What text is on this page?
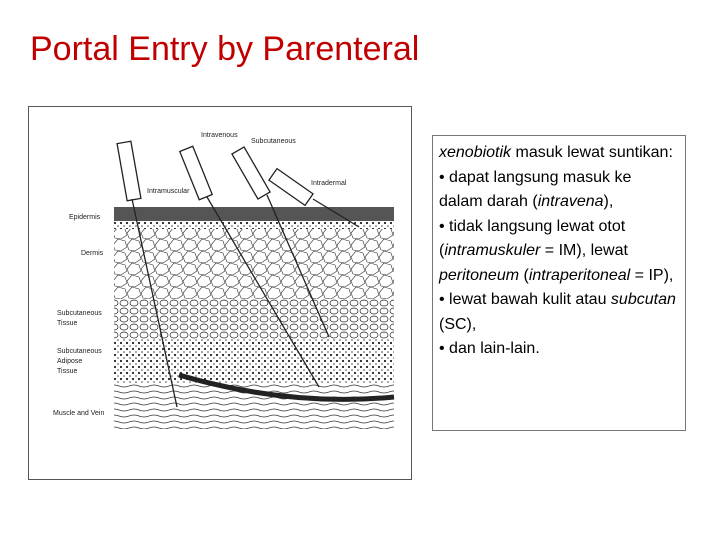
Portal Entry by Parenteral
Intravenous
Subcutaneous
Intramuscular
Intradermal
Epidermis
Dermis
Subcutaneous
Tissue
Subcutaneous
Adipose
Tissue
Muscle and Vein

xenobiotik masuk lewat suntikan:

• dapat langsung masuk ke dalam darah (intravena),

• tidak langsung lewat otot (intramuskuler = IM), lewat peritoneum (intraperitoneal = IP),

• lewat bawah kulit atau subcutan (SC),

• dan lain-lain.
